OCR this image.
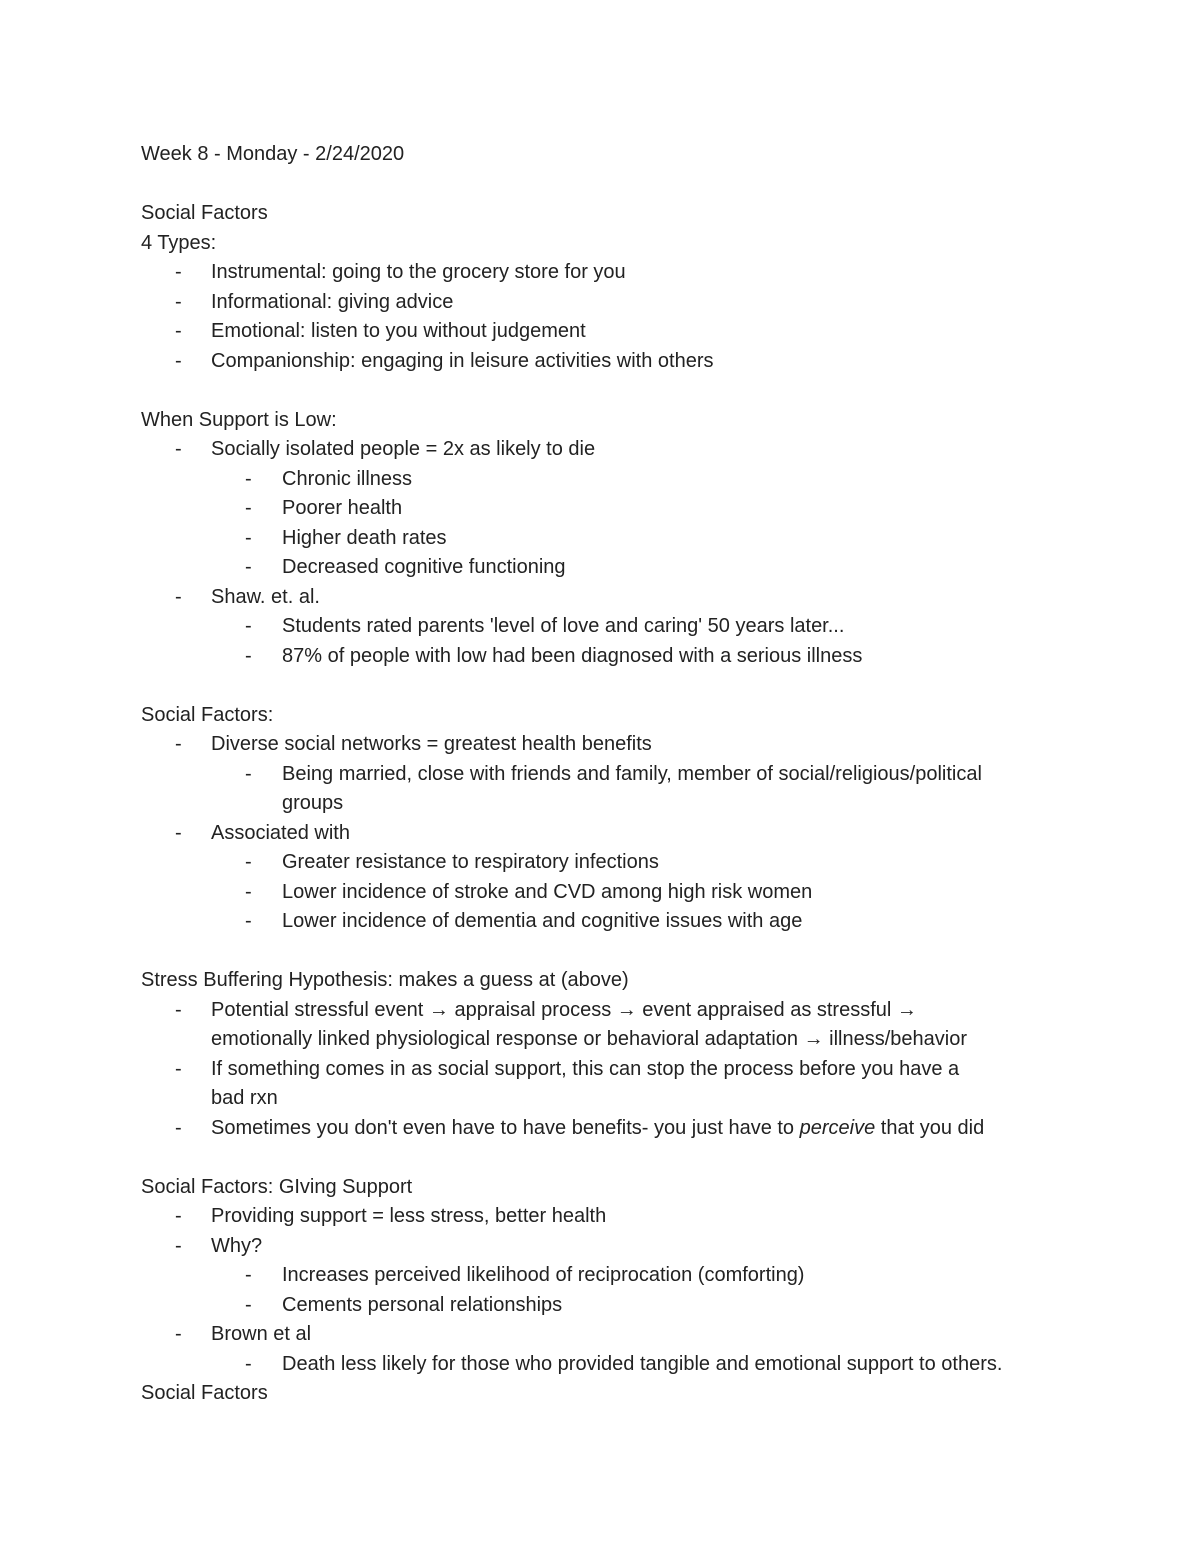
Week 8 - Monday - 2/24/2020
Social Factors
4 Types:
- Instrumental: going to the grocery store for you
- Informational: giving advice
- Emotional: listen to you without judgement
- Companionship: engaging in leisure activities with others
When Support is Low:
- Socially isolated people = 2x as likely to die
- Chronic illness
- Poorer health
- Higher death rates
- Decreased cognitive functioning
- Shaw. et. al.
- Students rated parents 'level of love and caring' 50 years later...
- 87% of people with low had been diagnosed with a serious illness
Social Factors:
- Diverse social networks = greatest health benefits
- Being married, close with friends and family, member of social/religious/political
groups
- Associated with
- Greater resistance to respiratory infections
- Lower incidence of stroke and CVD among high risk women
- Lower incidence of dementia and cognitive issues with age
Stress Buffering Hypothesis: makes a guess at (above)
- Potential stressful event → appraisal process → event appraised as stressful →
emotionally linked physiological response or behavioral adaptation → illness/behavior
- If something comes in as social support, this can stop the process before you have a
bad rxn
- Sometimes you don't even have to have benefits- you just have to perceive that you did
Social Factors: GIving Support
- Providing support = less stress, better health
- Why?
- Increases perceived likelihood of reciprocation (comforting)
- Cements personal relationships
- Brown et al
- Death less likely for those who provided tangible and emotional support to others.
Social Factors
